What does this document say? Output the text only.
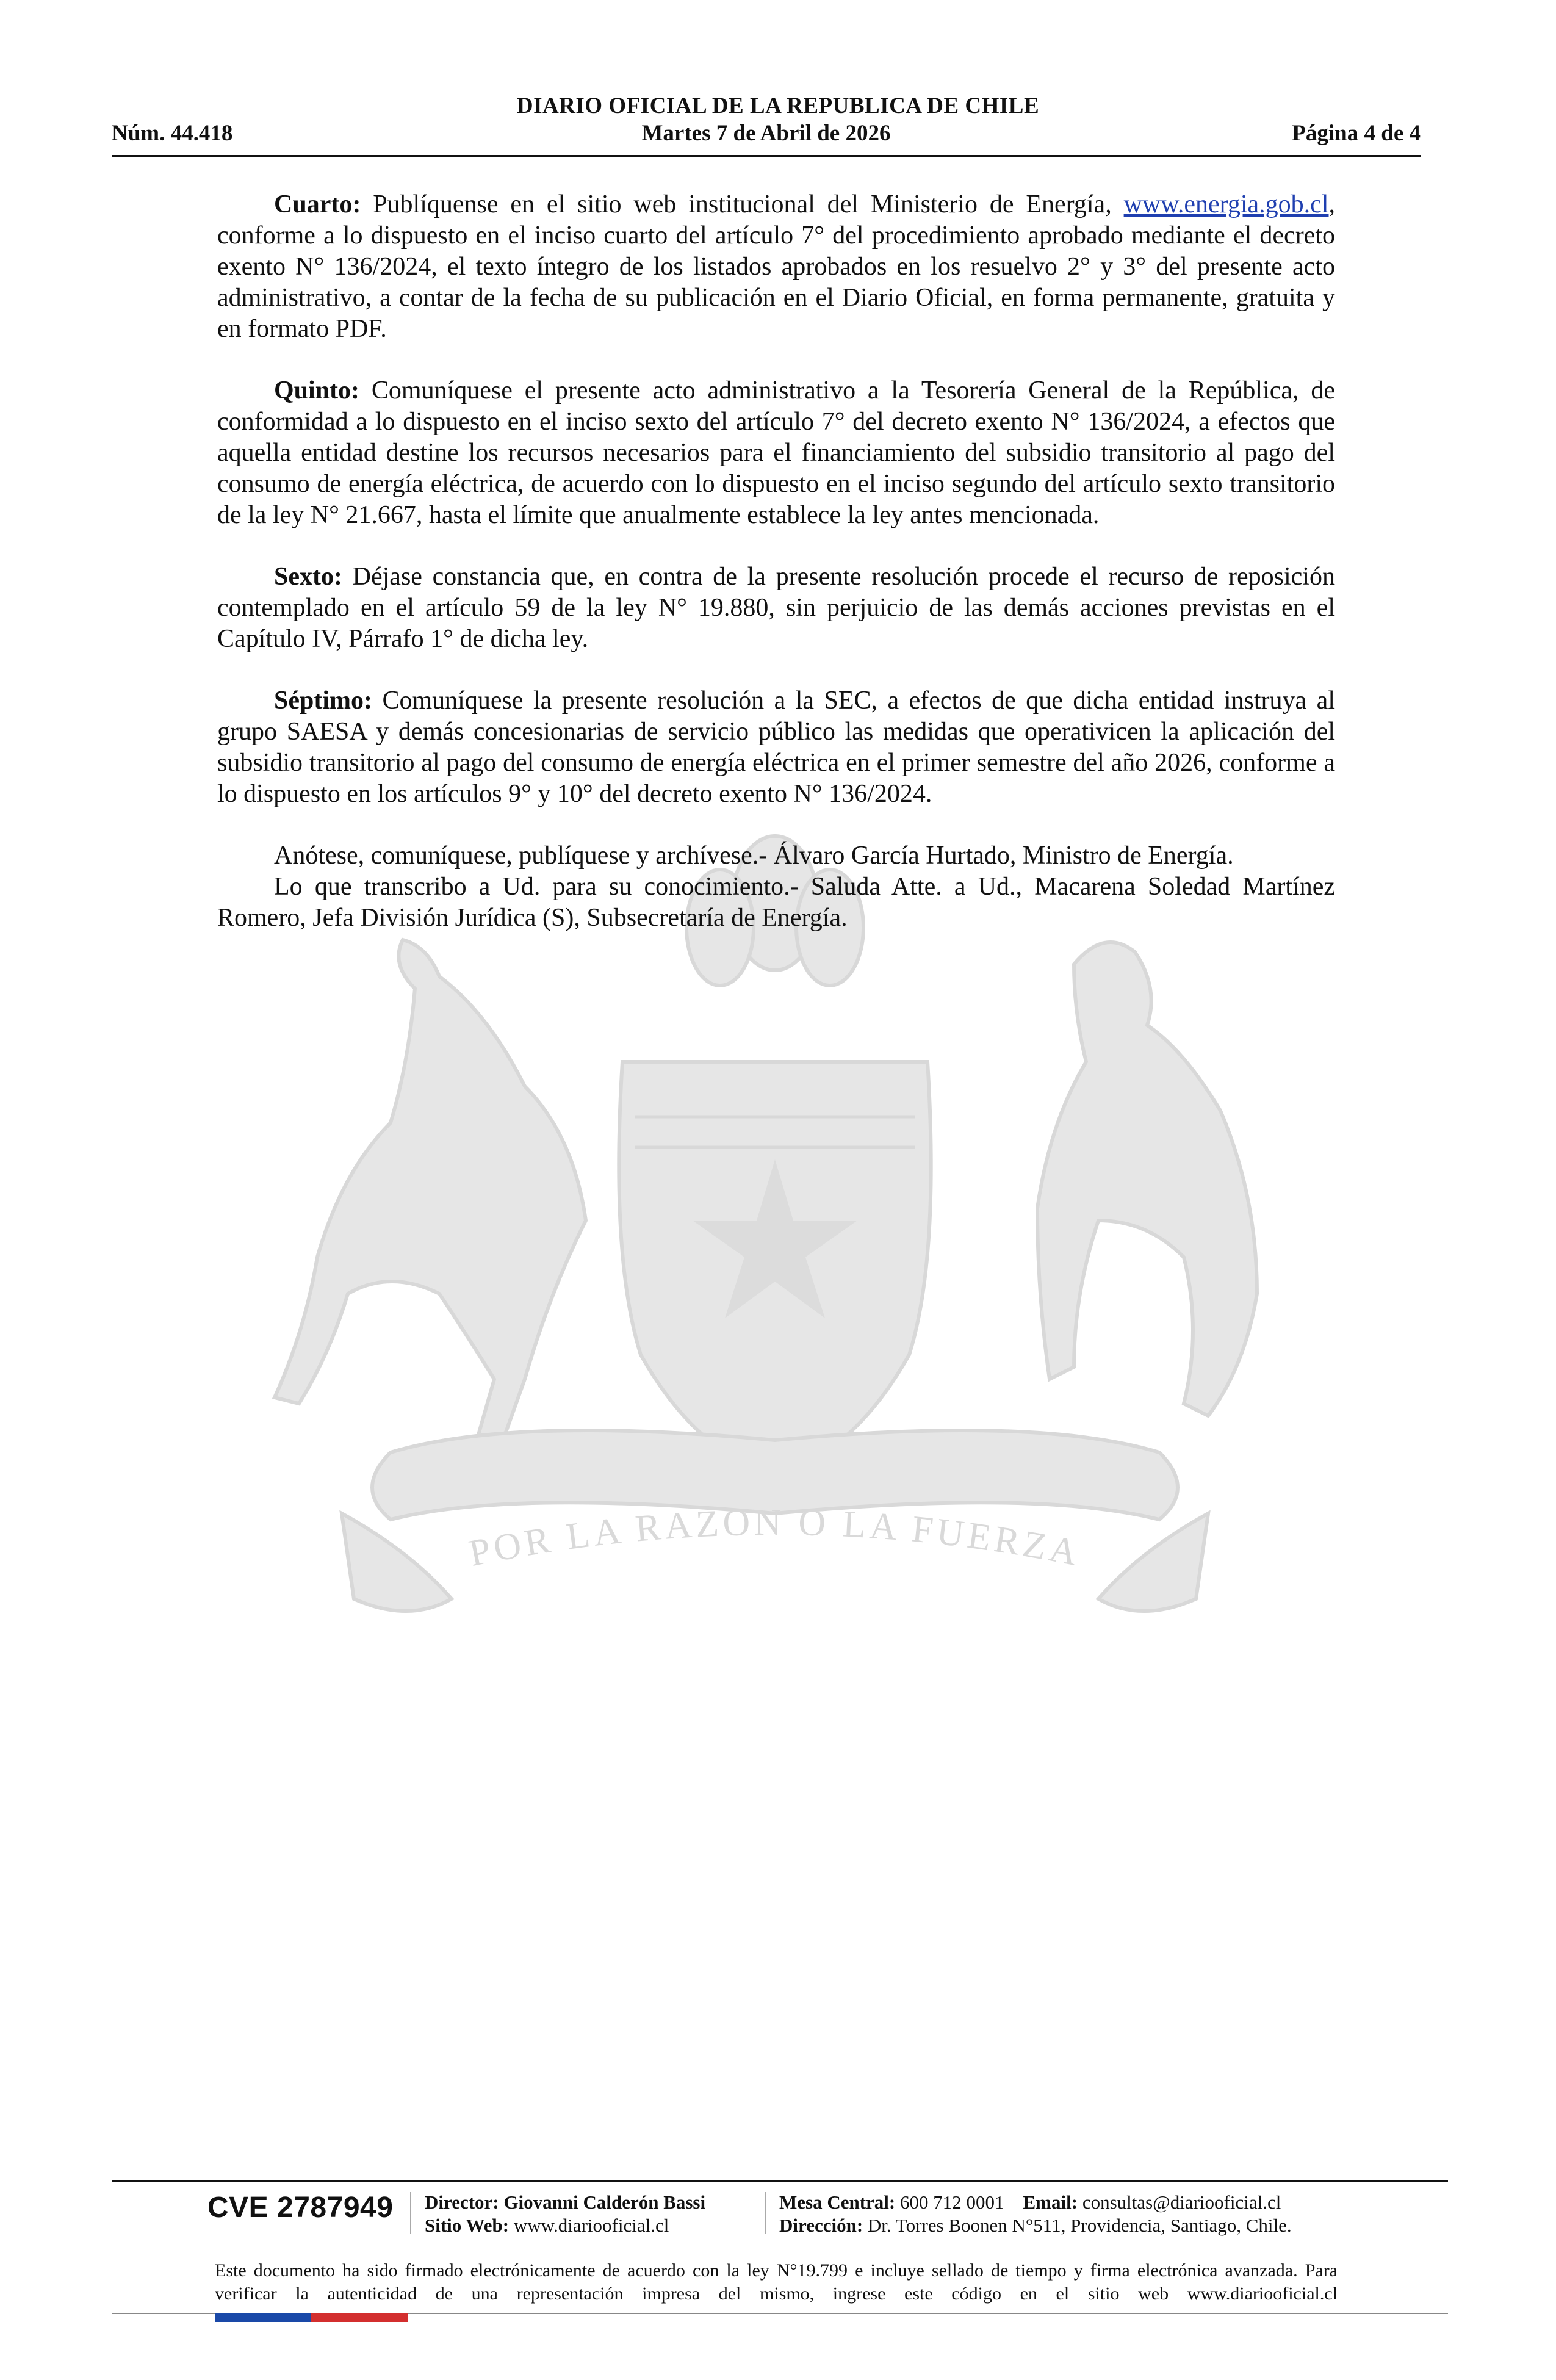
DIARIO OFICIAL DE LA REPUBLICA DE CHILE
Martes 7 de Abril de 2026
Núm. 44.418	Página 4 de 4
POR LA RAZON O LA FUERZA

Cuarto: Publíquense en el sitio web institucional del Ministerio de Energía, www.energia.gob.cl, conforme a lo dispuesto en el inciso cuarto del artículo 7° del procedimiento aprobado mediante el decreto exento N° 136/2024, el texto íntegro de los listados aprobados en los resuelvo 2° y 3° del presente acto administrativo, a contar de la fecha de su publicación en el Diario Oficial, en forma permanente, gratuita y en formato PDF.

Quinto: Comuníquese el presente acto administrativo a la Tesorería General de la República, de conformidad a lo dispuesto en el inciso sexto del artículo 7° del decreto exento N° 136/2024, a efectos que aquella entidad destine los recursos necesarios para el financiamiento del subsidio transitorio al pago del consumo de energía eléctrica, de acuerdo con lo dispuesto en el inciso segundo del artículo sexto transitorio de la ley N° 21.667, hasta el límite que anualmente establece la ley antes mencionada.

Sexto: Déjase constancia que, en contra de la presente resolución procede el recurso de reposición contemplado en el artículo 59 de la ley N° 19.880, sin perjuicio de las demás acciones previstas en el Capítulo IV, Párrafo 1° de dicha ley.

Séptimo: Comuníquese la presente resolución a la SEC, a efectos de que dicha entidad instruya al grupo SAESA y demás concesionarias de servicio público las medidas que operativicen la aplicación del subsidio transitorio al pago del consumo de energía eléctrica en el primer semestre del año 2026, conforme a lo dispuesto en los artículos 9° y 10° del decreto exento N° 136/2024.

Anótese, comuníquese, publíquese y archívese.- Álvaro García Hurtado, Ministro de Energía.

Lo que transcribo a Ud. para su conocimiento.- Saluda Atte. a Ud., Macarena Soledad Martínez Romero, Jefa División Jurídica (S), Subsecretaría de Energía.

CVE 2787949 Director: Giovanni Calderón Bassi
Sitio Web: www.diariooficial.cl
Mesa Central: 600 712 0001 Email: consultas@diariooficial.cl
Dirección: Dr. Torres Boonen N°511, Providencia, Santiago, Chile.
Este documento ha sido firmado electrónicamente de acuerdo con la ley N°19.799 e incluye sellado de tiempo y firma electrónica avanzada. Para verificar la autenticidad de una representación impresa del mismo, ingrese este código en el sitio web www.diariooficial.cl
